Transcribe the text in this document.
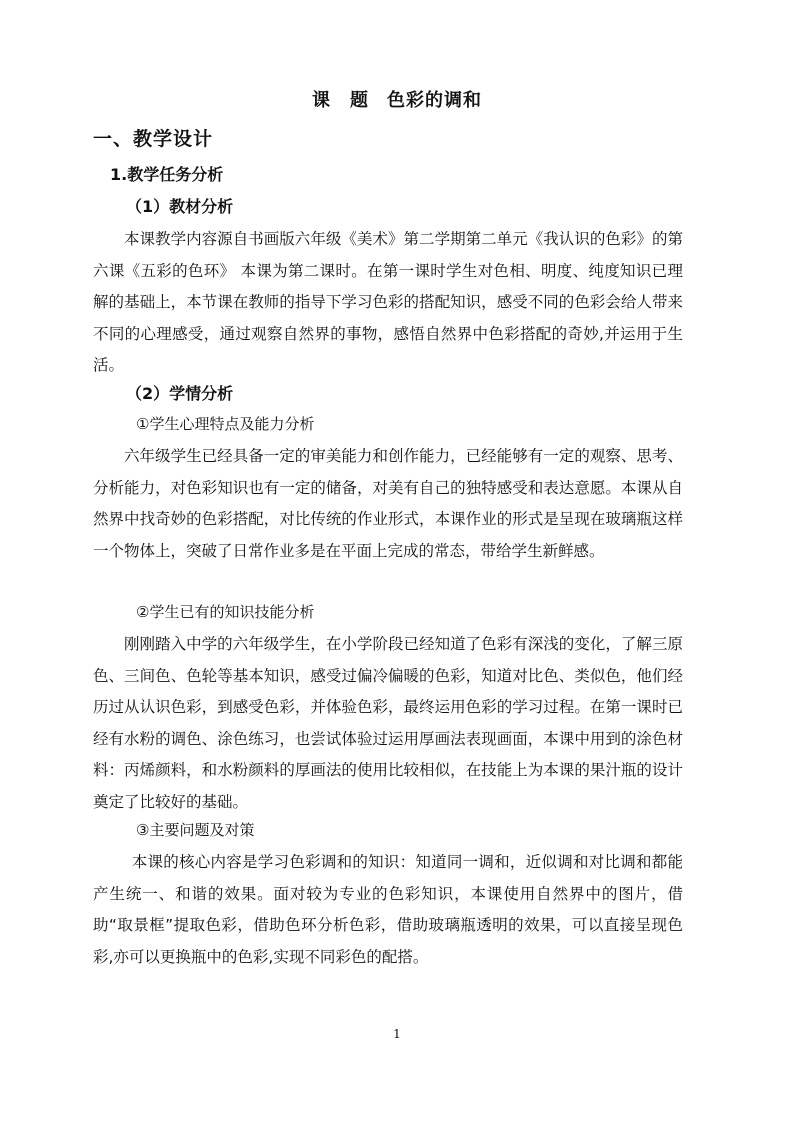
课　题 色彩的调和
一、教学设计
1.教学任务分析
（1）教材分析

本课教学内容源自书画版六年级《美术》第二学期第二单元《我认识的色彩》的第六课《五彩的色环》 本课为第二课时。在第一课时学生对色相、明度、纯度知识已理解的基础上，本节课在教师的指导下学习色彩的搭配知识，感受不同的色彩会给人带来不同的心理感受，通过观察自然界的事物，感悟自然界中色彩搭配的奇妙,并运用于生活。

（2）学情分析
①学生心理特点及能力分析

六年级学生已经具备一定的审美能力和创作能力，已经能够有一定的观察、思考、分析能力，对色彩知识也有一定的储备，对美有自己的独特感受和表达意愿。本课从自然界中找奇妙的色彩搭配，对比传统的作业形式，本课作业的形式是呈现在玻璃瓶这样一个物体上，突破了日常作业多是在平面上完成的常态，带给学生新鲜感。

②学生已有的知识技能分析

刚刚踏入中学的六年级学生，在小学阶段已经知道了色彩有深浅的变化，了解三原色、三间色、色轮等基本知识，感受过偏冷偏暖的色彩，知道对比色、类似色，他们经历过从认识色彩，到感受色彩，并体验色彩，最终运用色彩的学习过程。在第一课时已经有水粉的调色、涂色练习，也尝试体验过运用厚画法表现画面，本课中用到的涂色材料：丙烯颜料，和水粉颜料的厚画法的使用比较相似，在技能上为本课的果汁瓶的设计奠定了比较好的基础。

③主要问题及对策

本课的核心内容是学习色彩调和的知识：知道同一调和，近似调和对比调和都能产生统一、和谐的效果。面对较为专业的色彩知识，本课使用自然界中的图片，借助“取景框”提取色彩，借助色环分析色彩，借助玻璃瓶透明的效果，可以直接呈现色彩,亦可以更换瓶中的色彩,实现不同彩色的配搭。

1
